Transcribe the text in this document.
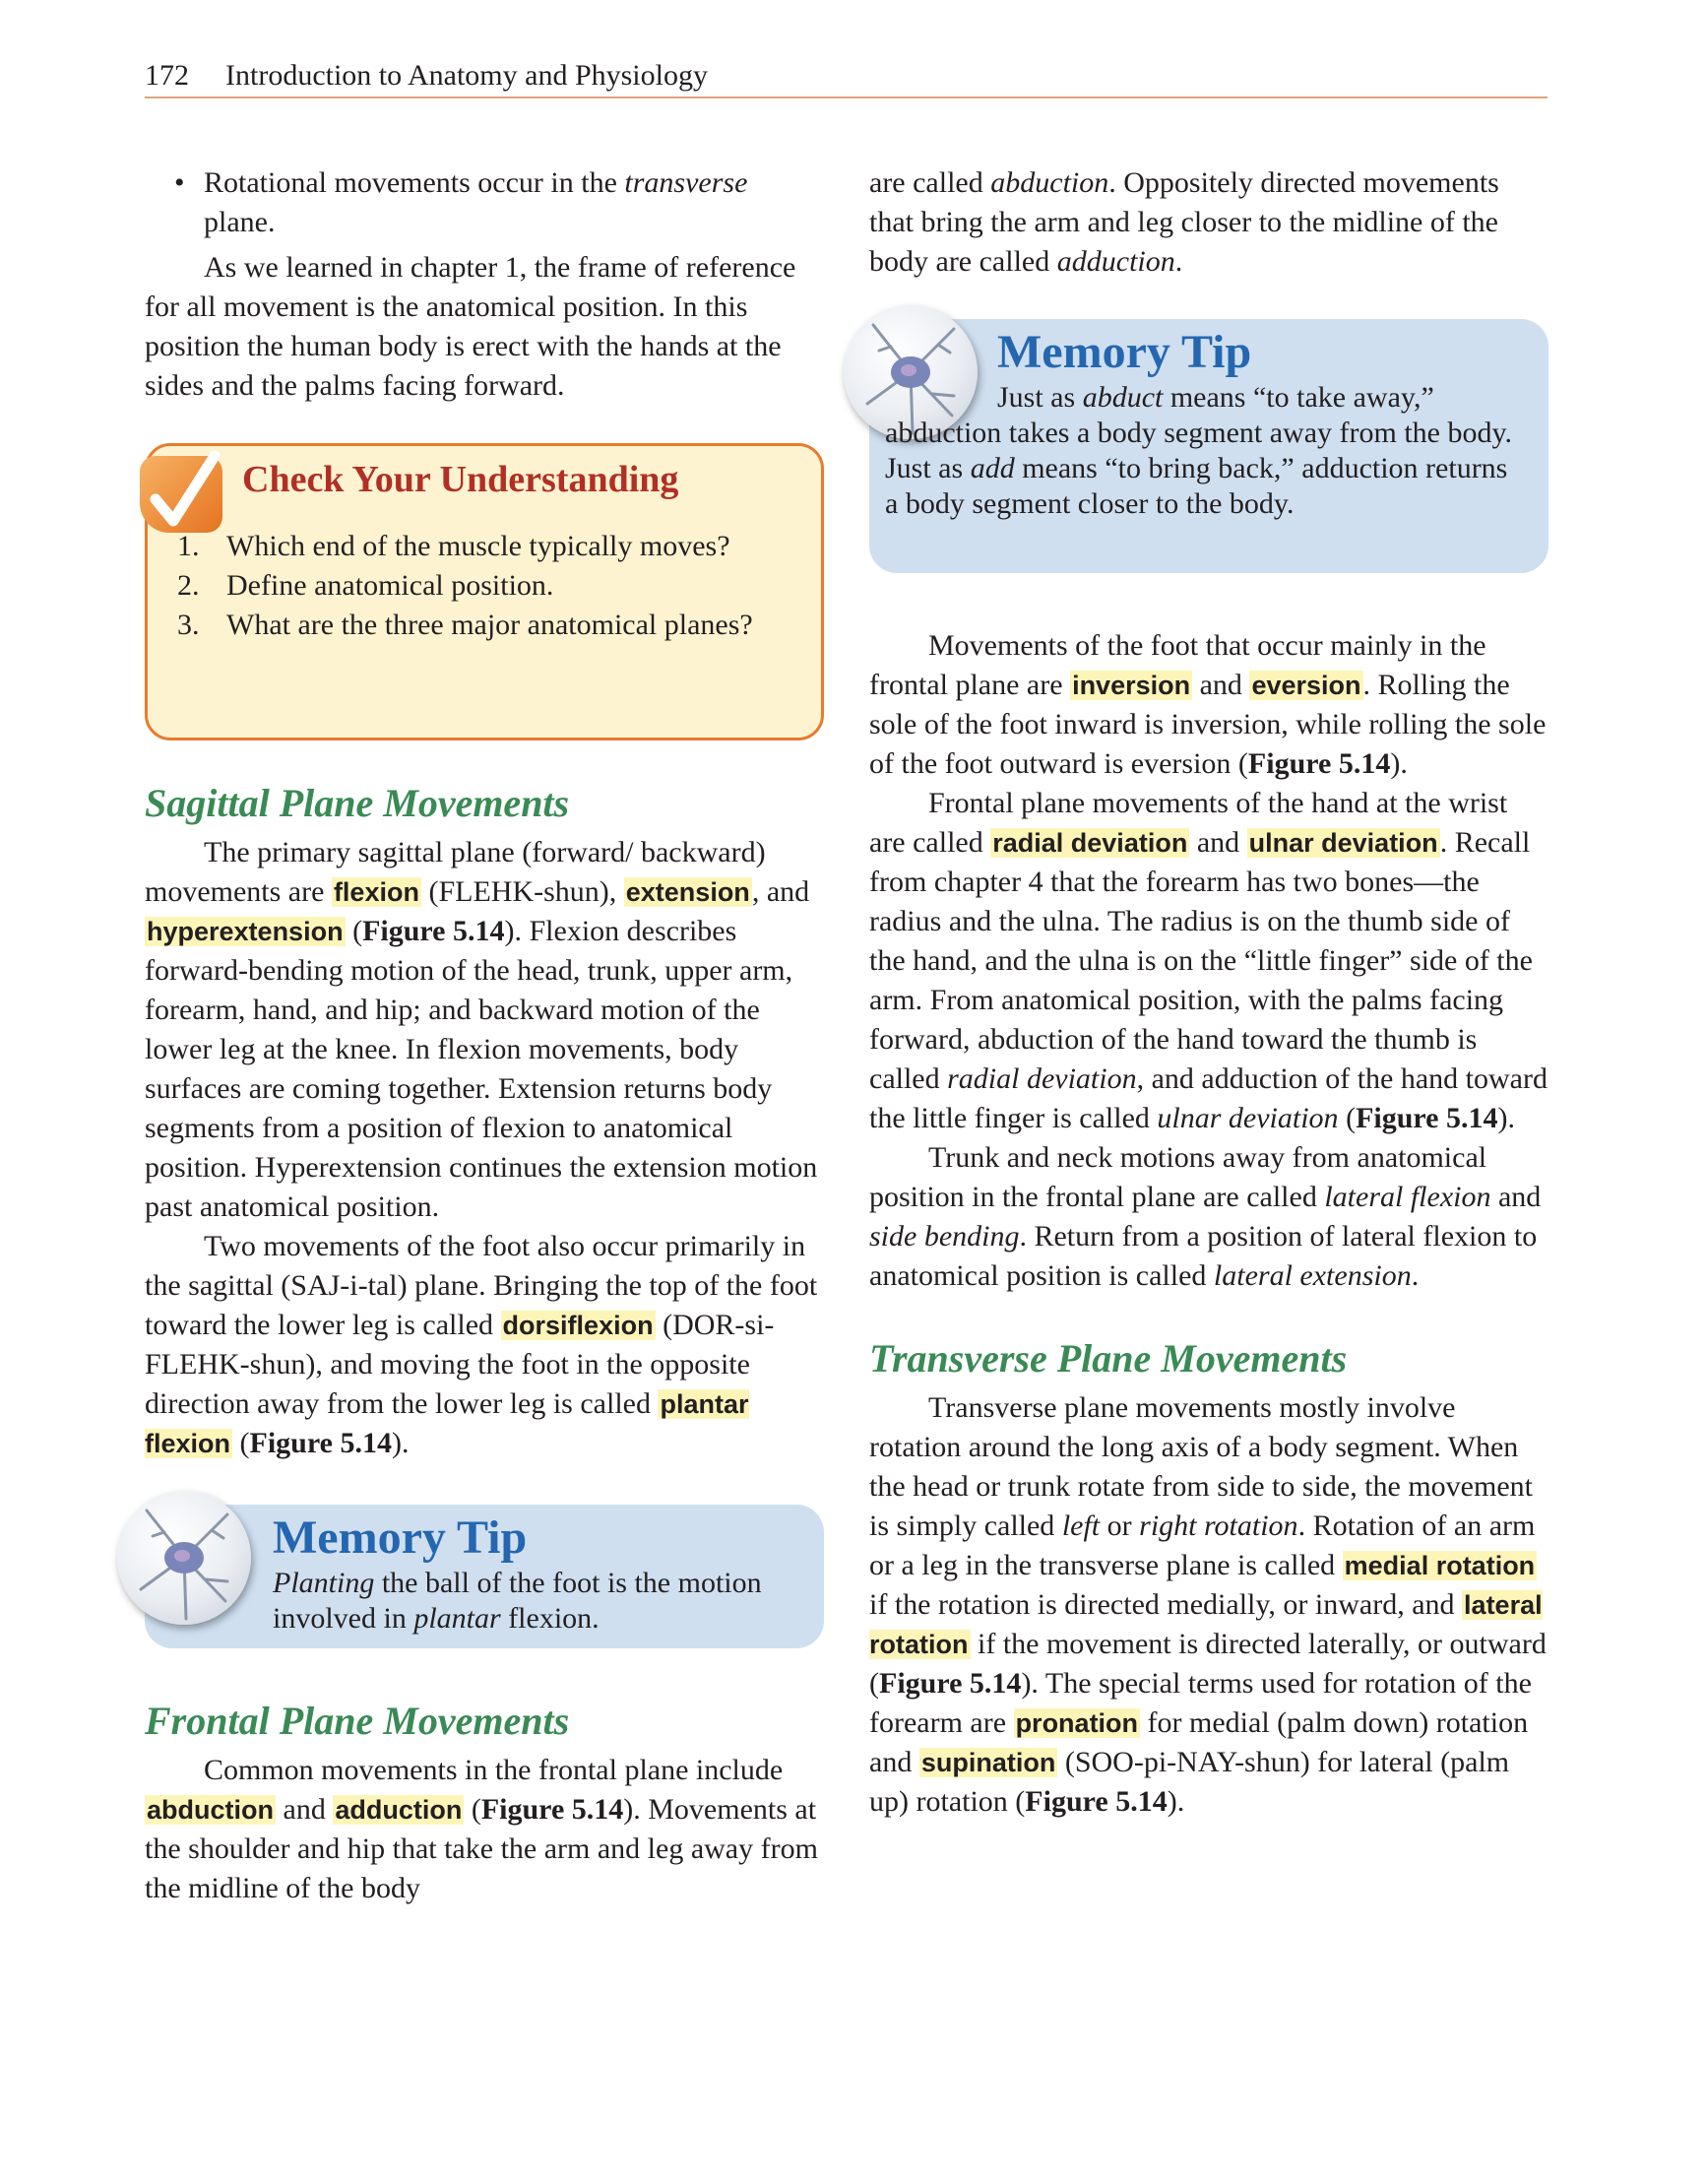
172 Introduction to Anatomy and Physiology
• Rotational movements occur in the transverse plane.

As we learned in chapter 1, the frame of reference for all movement is the anatomical position. In this position the human body is erect with the hands at the sides and the palms facing forward.

Check Your Understanding
1. Which end of the muscle typically moves?
2. Define anatomical position.
3. What are the three major anatomical planes?
Sagittal Plane Movements

The primary sagittal plane (forward/ backward) movements are flexion (FLEHK-shun), extension, and hyperextension (Figure 5.14). Flexion describes forward-bending motion of the head, trunk, upper arm, forearm, hand, and hip; and backward motion of the lower leg at the knee. In flexion movements, body surfaces are coming together. Extension returns body segments from a position of flexion to anatomical position. Hyperextension continues the extension motion past anatomical position.

Two movements of the foot also occur primarily in the sagittal (SAJ-i-tal) plane. Bringing the top of the foot toward the lower leg is called dorsiflexion (DOR-si-FLEHK-shun), and moving the foot in the opposite direction away from the lower leg is called plantar flexion (Figure 5.14).

Memory Tip
Planting the ball of the foot is the motion involved in plantar flexion.
Frontal Plane Movements

Common movements in the frontal plane include abduction and adduction (Figure 5.14). Movements at the shoulder and hip that take the arm and leg away from the midline of the body

are called abduction. Oppositely directed movements that bring the arm and leg closer to the midline of the body are called adduction.

Memory Tip
Just as abduct means “to take away,” abduction takes a body segment away from the body. Just as add means “to bring back,” adduction returns a body segment closer to the body.

Movements of the foot that occur mainly in the frontal plane are inversion and eversion. Rolling the sole of the foot inward is inversion, while rolling the sole of the foot outward is eversion (Figure 5.14).

Frontal plane movements of the hand at the wrist are called radial deviation and ulnar deviation. Recall from chapter 4 that the forearm has two bones—the radius and the ulna. The radius is on the thumb side of the hand, and the ulna is on the “little finger” side of the arm. From anatomical position, with the palms facing forward, abduction of the hand toward the thumb is called radial deviation, and adduction of the hand toward the little finger is called ulnar deviation (Figure 5.14).

Trunk and neck motions away from anatomical position in the frontal plane are called lateral flexion and side bending. Return from a position of lateral flexion to anatomical position is called lateral extension.

Transverse Plane Movements

Transverse plane movements mostly involve rotation around the long axis of a body segment. When the head or trunk rotate from side to side, the movement is simply called left or right rotation. Rotation of an arm or a leg in the transverse plane is called medial rotation if the rotation is directed medially, or inward, and lateral rotation if the movement is directed laterally, or outward (Figure 5.14). The special terms used for rotation of the forearm are pronation for medial (palm down) rotation and supination (SOO-pi-NAY-shun) for lateral (palm up) rotation (Figure 5.14).
